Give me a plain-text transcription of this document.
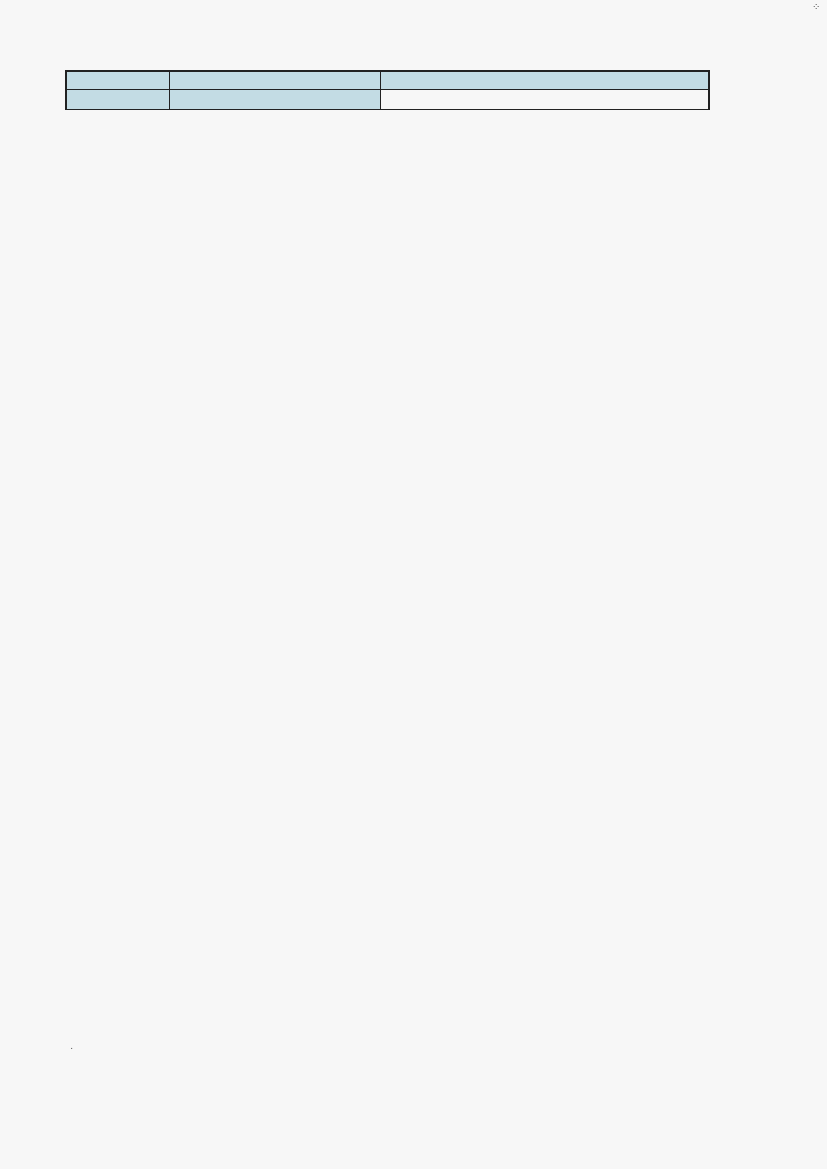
⁘
·
